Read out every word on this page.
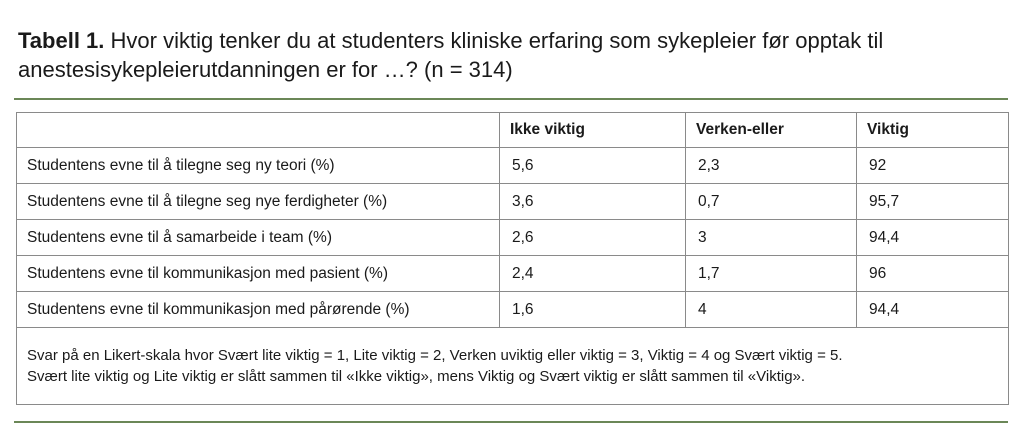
Tabell 1. Hvor viktig tenker du at studenters kliniske erfaring som sykepleier før opptak til anestesisykepleierutdanningen er for …? (n = 314)
	Ikke viktig	Verken-eller	Viktig
Studentens evne til å tilegne seg ny teori (%)	5,6	2,3	92
Studentens evne til å tilegne seg nye ferdigheter (%)	3,6	0,7	95,7
Studentens evne til å samarbeide i team (%)	2,6	3	94,4
Studentens evne til kommunikasjon med pasient (%)	2,4	1,7	96
Studentens evne til kommunikasjon med pårørende (%)	1,6	4	94,4

Svar på en Likert-skala hvor Svært lite viktig = 1, Lite viktig = 2, Verken uviktig eller viktig = 3, Viktig = 4 og Svært viktig = 5.
Svært lite viktig og Lite viktig er slått sammen til «Ikke viktig», mens Viktig og Svært viktig er slått sammen til «Viktig».			
